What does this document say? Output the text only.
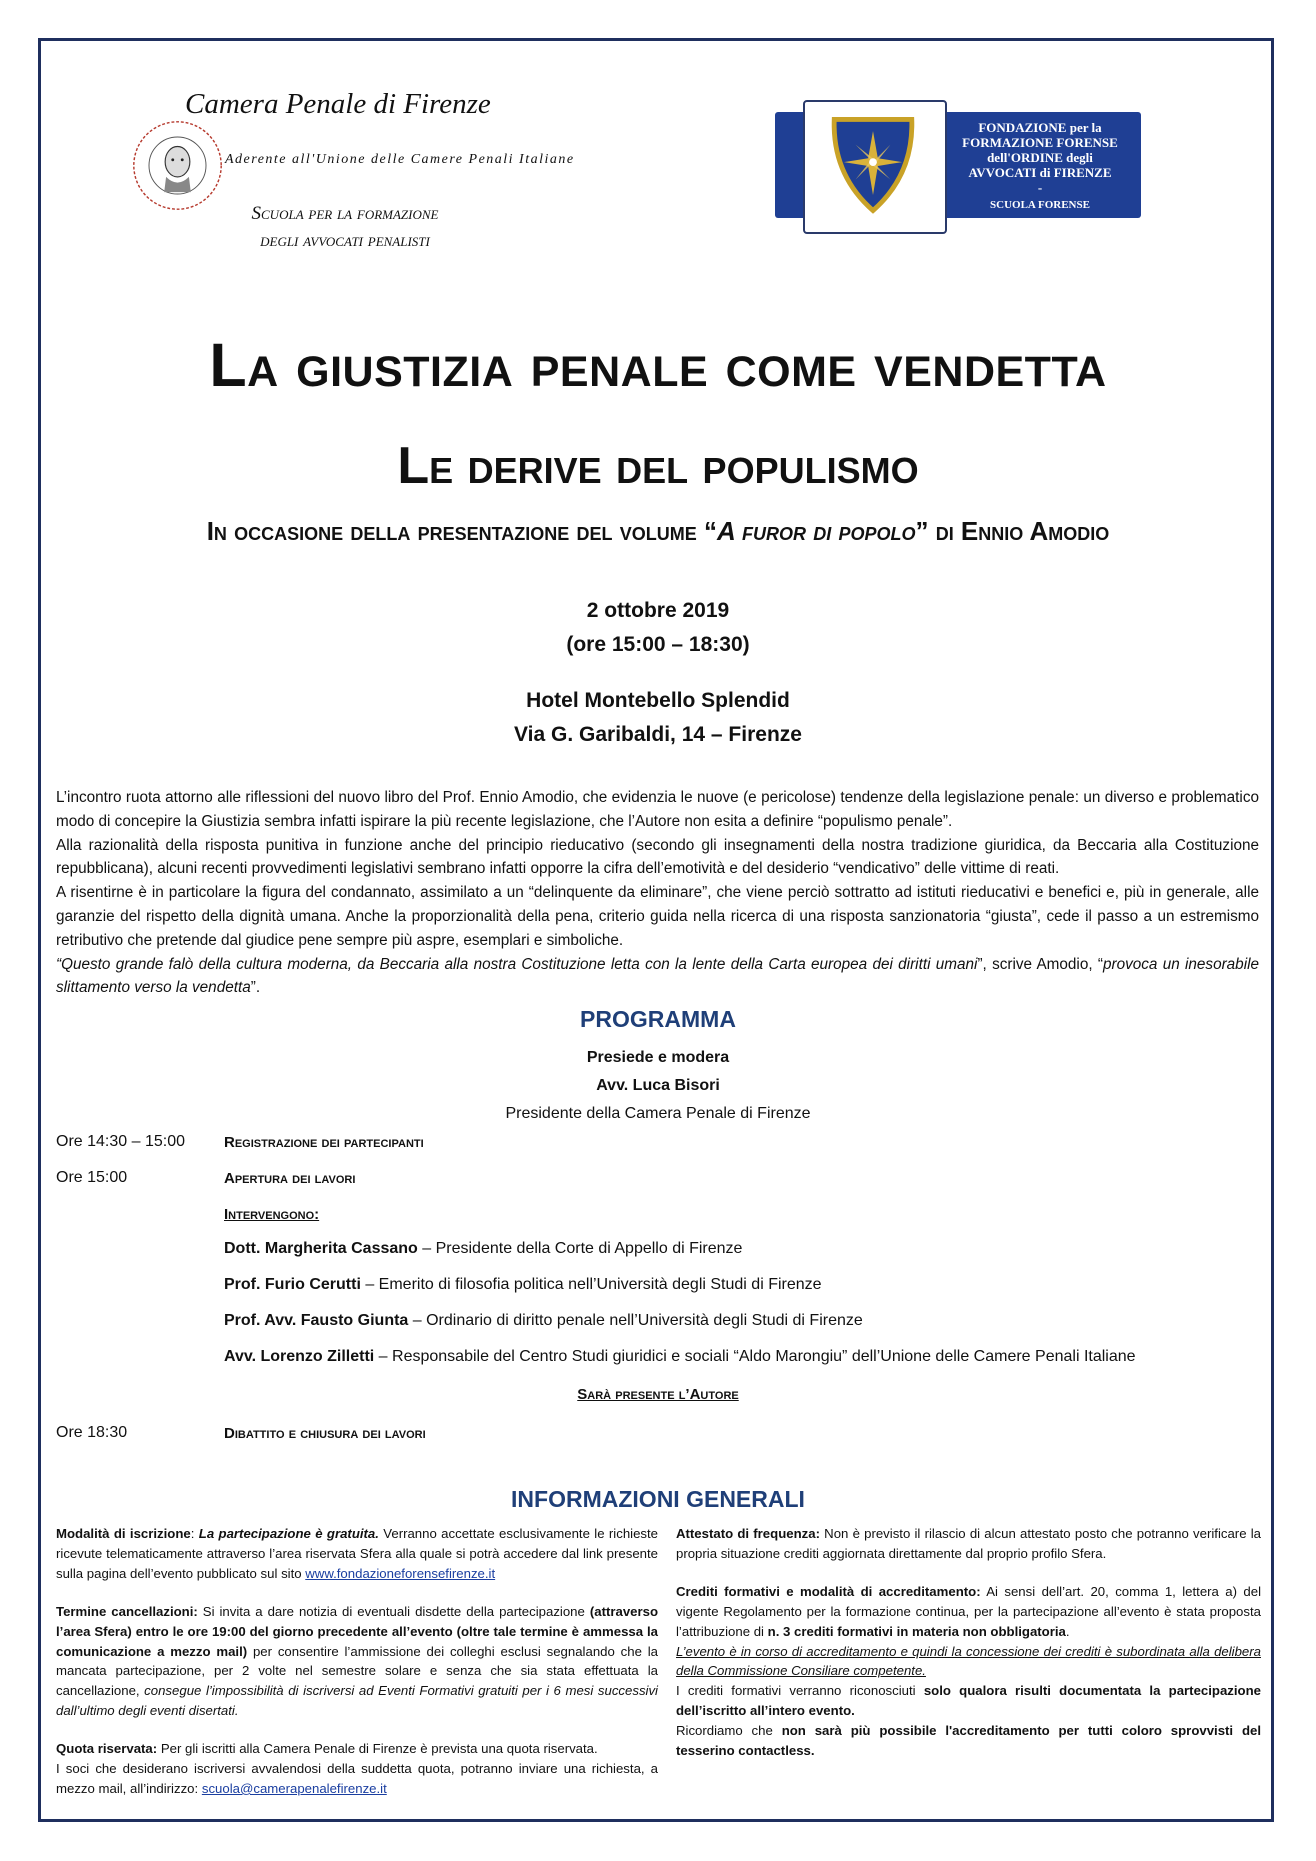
Camera Penale di Firenze
Aderente all'Unione delle Camere Penali Italiane
Scuola per la formazione
degli avvocati penalisti
FONDAZIONE per la
FORMAZIONE FORENSE
dell'ORDINE degli
AVVOCATI di FIRENZE
-
SCUOLA FORENSE
La giustizia penale come vendetta
Le derive del populismo
In occasione della presentazione del volume “A furor di popolo” di Ennio Amodio
2 ottobre 2019
(ore 15:00 – 18:30)
Hotel Montebello Splendid
Via G. Garibaldi, 14 – Firenze

L’incontro ruota attorno alle riflessioni del nuovo libro del Prof. Ennio Amodio, che evidenzia le nuove (e pericolose) tendenze della legislazione penale: un diverso e problematico modo di concepire la Giustizia sembra infatti ispirare la più recente legislazione, che l’Autore non esita a definire “populismo penale”.

Alla razionalità della risposta punitiva in funzione anche del principio rieducativo (secondo gli insegnamenti della nostra tradizione giuridica, da Beccaria alla Costituzione repubblicana), alcuni recenti provvedimenti legislativi sembrano infatti opporre la cifra dell’emotività e del desiderio “vendicativo” delle vittime di reati.

A risentirne è in particolare la figura del condannato, assimilato a un “delinquente da eliminare”, che viene perciò sottratto ad istituti rieducativi e benefici e, più in generale, alle garanzie del rispetto della dignità umana. Anche la proporzionalità della pena, criterio guida nella ricerca di una risposta sanzionatoria “giusta”, cede il passo a un estremismo retributivo che pretende dal giudice pene sempre più aspre, esemplari e simboliche.

“Questo grande falò della cultura moderna, da Beccaria alla nostra Costituzione letta con la lente della Carta europea dei diritti umani”, scrive Amodio, “provoca un inesorabile slittamento verso la vendetta”.

PROGRAMMA
Presiede e modera
Avv. Luca Bisori
Presidente della Camera Penale di Firenze
Ore 14:30 – 15:00	Registrazione dei partecipanti
Ore 15:00	Apertura dei lavori
Intervengono:
Dott. Margherita Cassano – Presidente della Corte di Appello di Firenze
Prof. Furio Cerutti – Emerito di filosofia politica nell’Università degli Studi di Firenze
Prof. Avv. Fausto Giunta – Ordinario di diritto penale nell’Università degli Studi di Firenze
Avv. Lorenzo Zilletti – Responsabile del Centro Studi giuridici e sociali “Aldo Marongiu” dell’Unione delle Camere Penali Italiane
Sarà presente l’Autore
Ore 18:30	Dibattito e chiusura dei lavori
INFORMAZIONI GENERALI

Modalità di iscrizione: La partecipazione è gratuita. Verranno accettate esclusivamente le richieste ricevute telematicamente attraverso l’area riservata Sfera alla quale si potrà accedere dal link presente sulla pagina dell’evento pubblicato sul sito www.fondazioneforensefirenze.it

Termine cancellazioni: Si invita a dare notizia di eventuali disdette della partecipazione (attraverso l’area Sfera) entro le ore 19:00 del giorno precedente all’evento (oltre tale termine è ammessa la comunicazione a mezzo mail) per consentire l’ammissione dei colleghi esclusi segnalando che la mancata partecipazione, per 2 volte nel semestre solare e senza che sia stata effettuata la cancellazione, consegue l’impossibilità di iscriversi ad Eventi Formativi gratuiti per i 6 mesi successivi dall’ultimo degli eventi disertati.

Quota riservata: Per gli iscritti alla Camera Penale di Firenze è prevista una quota riservata.

I soci che desiderano iscriversi avvalendosi della suddetta quota, potranno inviare una richiesta, a mezzo mail, all’indirizzo: scuola@camerapenalefirenze.it

Attestato di frequenza: Non è previsto il rilascio di alcun attestato posto che potranno verificare la propria situazione crediti aggiornata direttamente dal proprio profilo Sfera.

Crediti formativi e modalità di accreditamento: Ai sensi dell’art. 20, comma 1, lettera a) del vigente Regolamento per la formazione continua, per la partecipazione all’evento è stata proposta l’attribuzione di n. 3 crediti formativi in materia non obbligatoria.

L’evento è in corso di accreditamento e quindi la concessione dei crediti è subordinata alla delibera della Commissione Consiliare competente.

I crediti formativi verranno riconosciuti solo qualora risulti documentata la partecipazione dell’iscritto all’intero evento.

Ricordiamo che non sarà più possibile l'accreditamento per tutti coloro sprovvisti del tesserino contactless.
